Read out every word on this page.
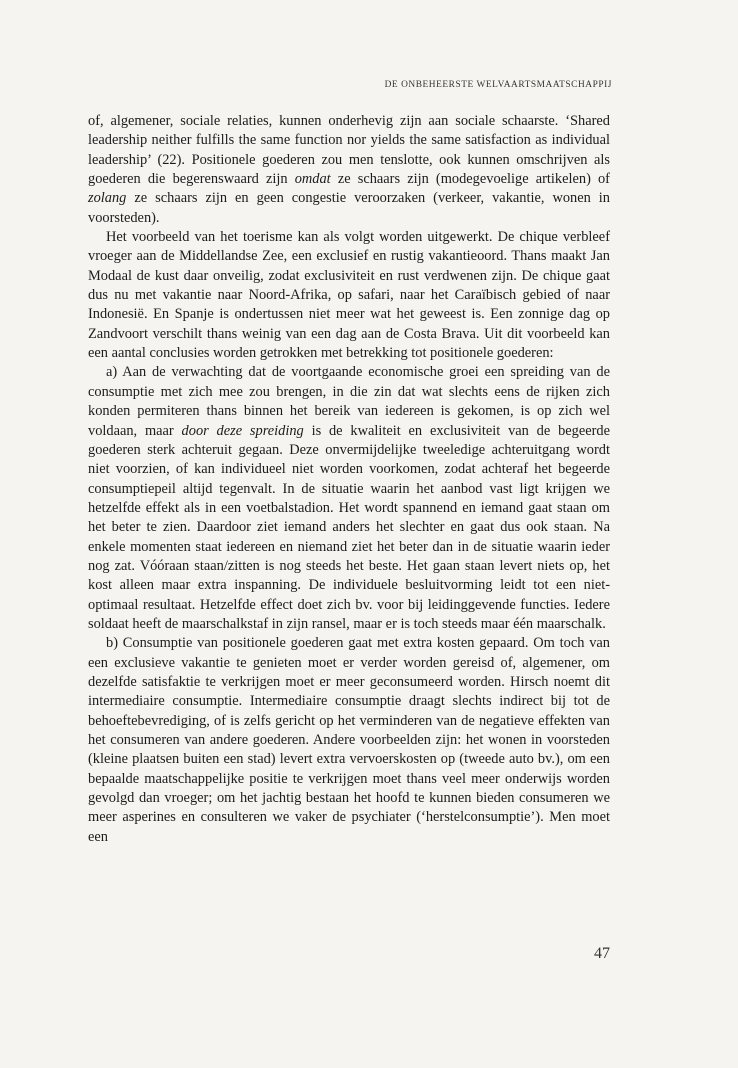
DE ONBEHEERSTE WELVAARTSMAATSCHAPPIJ

of, algemener, sociale relaties, kunnen onderhevig zijn aan sociale schaarste. ‘Shared leadership neither fulfills the same function nor yields the same satisfaction as individual leadership’ (22). Positionele goederen zou men tenslotte, ook kunnen omschrijven als goederen die begerenswaard zijn omdat ze schaars zijn (modegevoelige artikelen) of zolang ze schaars zijn en geen congestie veroorzaken (verkeer, vakantie, wonen in voorsteden).

Het voorbeeld van het toerisme kan als volgt worden uitgewerkt. De chique verbleef vroeger aan de Middellandse Zee, een exclusief en rustig vakantieoord. Thans maakt Jan Modaal de kust daar onveilig, zodat exclusiviteit en rust verdwenen zijn. De chique gaat dus nu met vakantie naar Noord-Afrika, op safari, naar het Caraïbisch gebied of naar Indonesië. En Spanje is ondertussen niet meer wat het geweest is. Een zonnige dag op Zandvoort verschilt thans weinig van een dag aan de Costa Brava. Uit dit voorbeeld kan een aantal conclusies worden getrokken met betrekking tot positionele goederen:

a) Aan de verwachting dat de voortgaande economische groei een spreiding van de consumptie met zich mee zou brengen, in die zin dat wat slechts eens de rijken zich konden permiteren thans binnen het bereik van iedereen is gekomen, is op zich wel voldaan, maar door deze spreiding is de kwaliteit en exclusiviteit van de begeerde goederen sterk achteruit gegaan. Deze onvermijdelijke tweeledige achteruitgang wordt niet voorzien, of kan individueel niet worden voorkomen, zodat achteraf het begeerde consumptiepeil altijd tegenvalt. In de situatie waarin het aanbod vast ligt krijgen we hetzelfde effekt als in een voetbalstadion. Het wordt spannend en iemand gaat staan om het beter te zien. Daardoor ziet iemand anders het slechter en gaat dus ook staan. Na enkele momenten staat iedereen en niemand ziet het beter dan in de situatie waarin ieder nog zat. Vóóraan staan/zitten is nog steeds het beste. Het gaan staan levert niets op, het kost alleen maar extra inspanning. De individuele besluitvorming leidt tot een niet-optimaal resultaat. Hetzelfde effect doet zich bv. voor bij leidinggevende functies. Iedere soldaat heeft de maarschalkstaf in zijn ransel, maar er is toch steeds maar één maarschalk.

b) Consumptie van positionele goederen gaat met extra kosten gepaard. Om toch van een exclusieve vakantie te genieten moet er verder worden gereisd of, algemener, om dezelfde satisfaktie te verkrijgen moet er meer geconsumeerd worden. Hirsch noemt dit intermediaire consumptie. Intermediaire consumptie draagt slechts indirect bij tot de behoeftebevrediging, of is zelfs gericht op het verminderen van de negatieve effekten van het consumeren van andere goederen. Andere voorbeelden zijn: het wonen in voorsteden (kleine plaatsen buiten een stad) levert extra vervoerskosten op (tweede auto bv.), om een bepaalde maatschappelijke positie te verkrijgen moet thans veel meer onderwijs worden gevolgd dan vroeger; om het jachtig bestaan het hoofd te kunnen bieden consumeren we meer asperines en consulteren we vaker de psychiater (‘herstelconsumptie’). Men moet een

47
